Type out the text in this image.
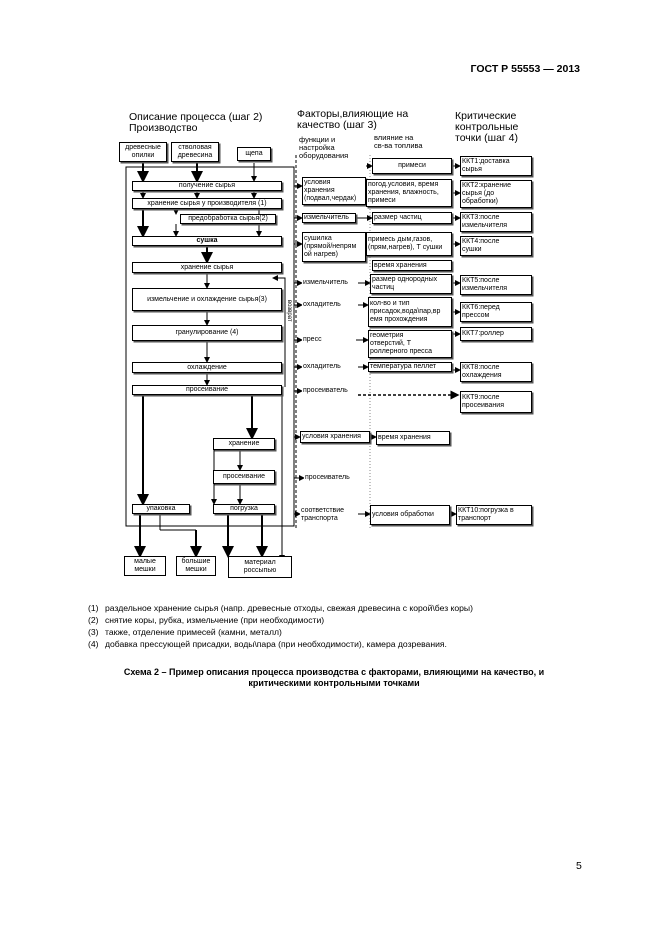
ГОСТ Р 55553 — 2013
Описание процесса (шаг 2)
Производство
Факторы,влияющие на
качество (шаг 3)
функции и
настройка
оборудования
влияние на
св-ва топлива
Критические
контрольные
точки (шаг 4)
древесные
опилки
стволовая
древесина	щепа
получение сырья
хранение сырья у производителя (1)
предобработка сырья(2)
сушка
хранение сырья
измельчение и охлаждение сырья(3)
гранулирование (4)
охлаждение
просеивание
хранение
просеивание
упаковка	погрузка
возврат
малые
мешки
большие
мешки
материал
россыпью
условия
хранения
(подвал,чердак)
измельчитель
сушилка
(прямой/непрям
ой нагрев)
измельчитель
охладитель
пресс
охладитель
просеиватель
условия хранения
просеиватель
соответствие
транспорта
примеси
погод.условия, время
хранения, влажность,
примеси
размер частиц
примесь дым,газов,
(прям,нагрев), Т сушки
время хранения
размер однородных
частиц
кол-во и тип
присадок,вода\пар,вр
емя прохождения
геометрия
отверстий, Т
роллерного пресса
температура пеллет
время хранения
условия обработки
ККТ1:доставка
сырья
ККТ2:хранение
сырья (до
обработки)
ККТ3:после
измельчителя
ККТ4:после
сушки
ККТ5:после
измельчителя
ККТ6:перед
прессом
ККТ7:роллер
ККТ8:после
охлаждения
ККТ9:после
просеивания
ККТ10:погрузка в
транспорт
(1) раздельное хранение сырья (напр. древесные отходы, свежая древесина с корой\без коры)
(2) снятие коры, рубка, измельчение (при необходимости)
(3) также, отделение примесей (камни, металл)
(4) добавка прессующей присадки, воды\пара (при необходимости), камера дозревания.
Схема 2 – Пример описания процесса производства с факторами, влияющими на качество, и
критическими контрольными точками
5
